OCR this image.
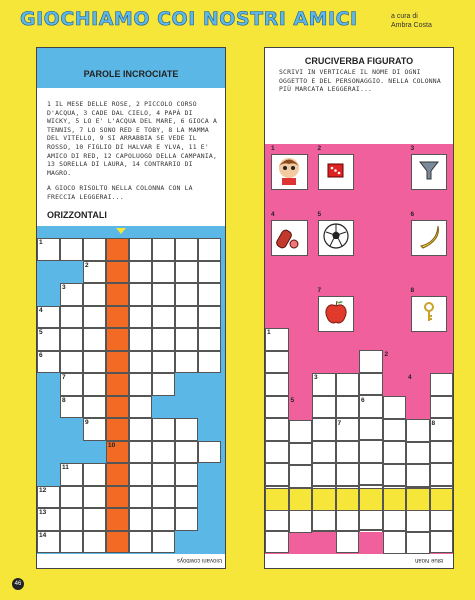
GIOCHIAMO COI NOSTRI AMICI	a cura di
Ambra Costa
PAROLE INCROCIATE
1 IL MESE DELLE ROSE, 2 PICCOLO CORSO D'ACQUA, 3 CADE DAL CIELO, 4 PAPÀ DI WICKY, 5 LO E' L'ACQUA DEL MARE, 6 GIOCA A TENNIS, 7 LO SONO RED E TOBY, 8 LA MAMMA DEL VITELLO, 9 SI ARRABBIA SE VEDE IL ROSSO, 10 FIGLIO DI HALVAR E YLVA, 11 E' AMICO DI RED, 12 CAPOLUOGO DELLA CAMPANIA, 13 SORELLA DI LAURA, 14 CONTRARIO DI MAGRO.
A GIOCO RISOLTO NELLA COLONNA CON LA FRECCIA LEGGERAI...
ORIZZONTALI
1
2
3
4
5
6
7
8
9
10
11
12
13
14
Giovani cowboys
CRUCIVERBA FIGURATO
SCRIVI IN VERTICALE IL NOME DI OGNI OGGETTO E DEL PERSONAGGIO. NELLA COLONNA PIÙ MARCATA LEGGERAI...
1	2	3
4	5	6
7	8
1
2
3	4
5	6
7	8
Blue Noah
46
